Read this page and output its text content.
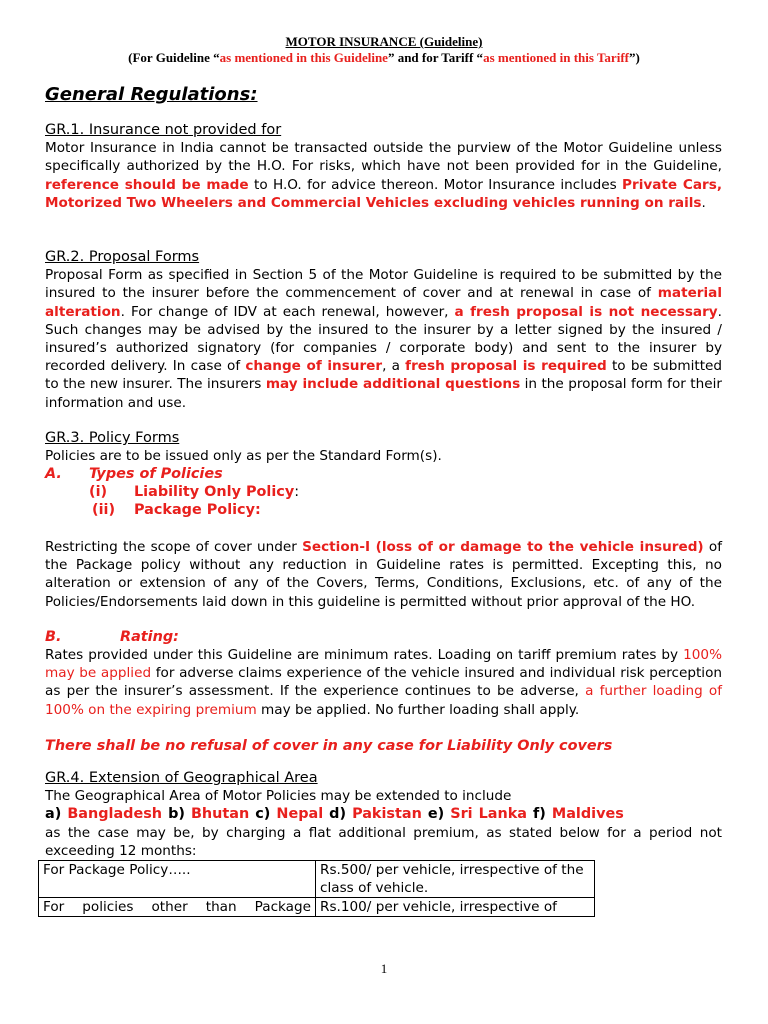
MOTOR INSURANCE (Guideline)
(For Guideline “as mentioned in this Guideline” and for Tariff “as mentioned in this Tariff”)
General Regulations:
GR.1. Insurance not provided for
Motor Insurance in India cannot be transacted outside the purview of the Motor Guideline unless specifically authorized by the H.O. For risks, which have not been provided for in the Guideline, reference should be made to H.O. for advice thereon. Motor Insurance includes Private Cars, Motorized Two Wheelers and Commercial Vehicles excluding vehicles running on rails.
GR.2. Proposal Forms
Proposal Form as specified in Section 5 of the Motor Guideline is required to be submitted by the insured to the insurer before the commencement of cover and at renewal in case of material alteration. For change of IDV at each renewal, however, a fresh proposal is not necessary. Such changes may be advised by the insured to the insurer by a letter signed by the insured / insured’s authorized signatory (for companies / corporate body) and sent to the insurer by recorded delivery. In case of change of insurer, a fresh proposal is required to be submitted to the new insurer. The insurers may include additional questions in the proposal form for their information and use.
GR.3. Policy Forms
Policies are to be issued only as per the Standard Form(s).
A. Types of Policies
(i) Liability Only Policy:
(ii) Package Policy:
Restricting the scope of cover under Section-I (loss of or damage to the vehicle insured) of the Package policy without any reduction in Guideline rates is permitted. Excepting this, no alteration or extension of any of the Covers, Terms, Conditions, Exclusions, etc. of any of the Policies/Endorsements laid down in this guideline is permitted without prior approval of the HO.
B.	Rating:
Rates provided under this Guideline are minimum rates. Loading on tariff premium rates by 100% may be applied for adverse claims experience of the vehicle insured and individual risk perception as per the insurer’s assessment. If the experience continues to be adverse, a further loading of 100% on the expiring premium may be applied. No further loading shall apply.
There shall be no refusal of cover in any case for Liability Only covers
GR.4. Extension of Geographical Area
The Geographical Area of Motor Policies may be extended to include
a) Bangladesh b) Bhutan c) Nepal d) Pakistan e) Sri Lanka f) Maldives
as the case may be, by charging a flat additional premium, as stated below for a period not exceeding 12 months:
For Package Policy…..	Rs.500/ per vehicle, irrespective of the class of vehicle.
For policies other than Package	Rs.100/ per vehicle, irrespective of
1
